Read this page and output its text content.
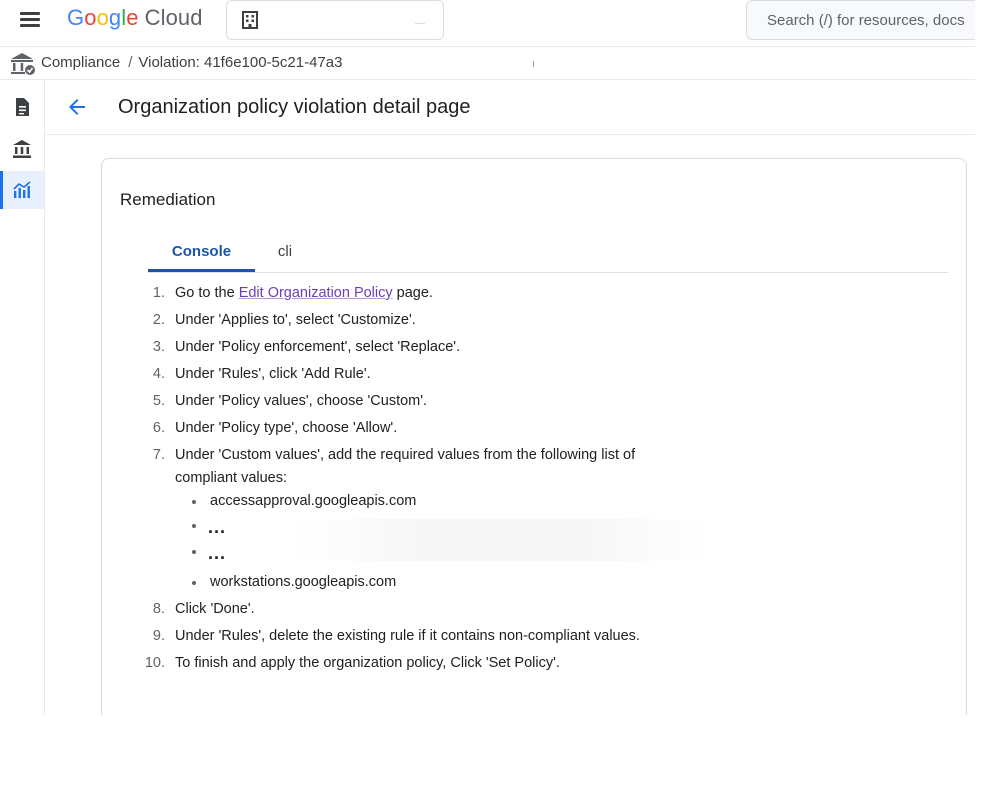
Google Cloud	Search (/) for resources, docs
Compliance / Violation: 41f6e100-5c21-47a3
Organization policy violation detail page
Remediation
Console	cli
1. Go to the Edit Organization Policy page.
2. Under 'Applies to', select 'Customize'.
3. Under 'Policy enforcement', select 'Replace'.
4. Under 'Rules', click 'Add Rule'.
5. Under 'Policy values', choose 'Custom'.
6. Under 'Policy type', choose 'Allow'.
7. Under 'Custom values', add the required values from the following list of
compliant values:
8. Click 'Done'.
9. Under 'Rules', delete the existing rule if it contains non-compliant values.
10. To finish and apply the organization policy, Click 'Set Policy'.
accessapproval.googleapis.com
...
...
workstations.googleapis.com
